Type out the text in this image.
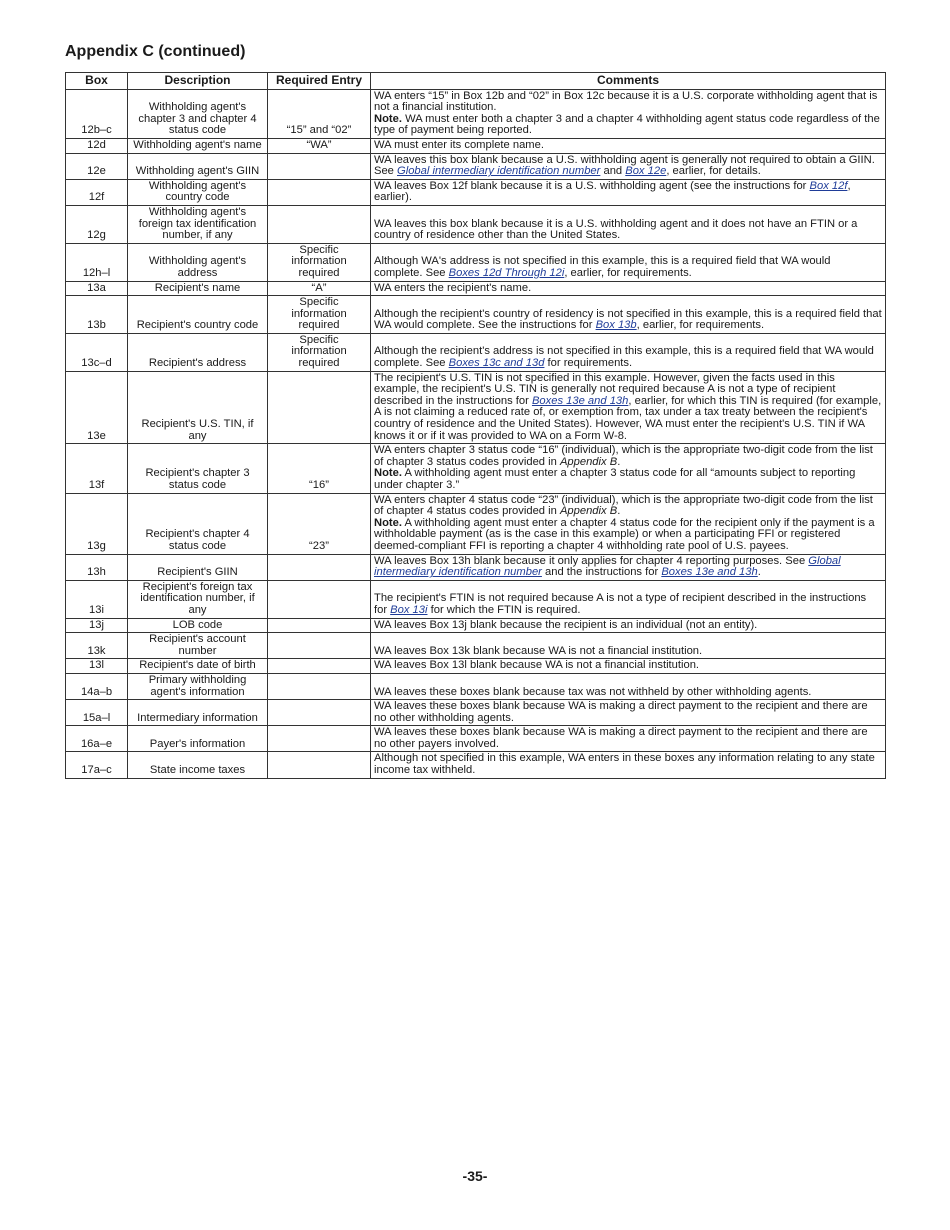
Appendix C (continued)
Box	Description	Required Entry	Comments
12b–c	Withholding agent's chapter 3 and chapter 4 status code	“15” and “02”	WA enters “15” in Box 12b and “02” in Box 12c because it is a U.S. corporate withholding agent that is not a financial institution.
Note. WA must enter both a chapter 3 and a chapter 4 withholding agent status code regardless of the type of payment being reported.
12d	Withholding agent's name	“WA”	WA must enter its complete name.
12e	Withholding agent's GIIN		WA leaves this box blank because a U.S. withholding agent is generally not required to obtain a GIIN. See Global intermediary identification number and Box 12e, earlier, for details.
12f	Withholding agent's country code		WA leaves Box 12f blank because it is a U.S. withholding agent (see the instructions for Box 12f, earlier).
12g	Withholding agent's foreign tax identification number, if any		WA leaves this box blank because it is a U.S. withholding agent and it does not have an FTIN or a country of residence other than the United States.
12h–l	Withholding agent's address	Specific information required	Although WA's address is not specified in this example, this is a required field that WA would complete. See Boxes 12d Through 12i, earlier, for requirements.
13a	Recipient's name	“A”	WA enters the recipient's name.
13b	Recipient's country code	Specific information required	Although the recipient's country of residency is not specified in this example, this is a required field that WA would complete. See the instructions for Box 13b, earlier, for requirements.
13c–d	Recipient's address	Specific information required	Although the recipient's address is not specified in this example, this is a required field that WA would complete. See Boxes 13c and 13d for requirements.
13e	Recipient's U.S. TIN, if any		The recipient's U.S. TIN is not specified in this example. However, given the facts used in this example, the recipient's U.S. TIN is generally not required because A is not a type of recipient described in the instructions for Boxes 13e and 13h, earlier, for which this TIN is required (for example, A is not claiming a reduced rate of, or exemption from, tax under a tax treaty between the recipient's country of residence and the United States). However, WA must enter the recipient's U.S. TIN if WA knows it or if it was provided to WA on a Form W-8.
13f	Recipient's chapter 3 status code	“16”	WA enters chapter 3 status code “16” (individual), which is the appropriate two-digit code from the list of chapter 3 status codes provided in Appendix B.
Note. A withholding agent must enter a chapter 3 status code for all “amounts subject to reporting under chapter 3.”
13g	Recipient's chapter 4 status code	“23”	WA enters chapter 4 status code “23” (individual), which is the appropriate two-digit code from the list of chapter 4 status codes provided in Appendix B.
Note. A withholding agent must enter a chapter 4 status code for the recipient only if the payment is a withholdable payment (as is the case in this example) or when a participating FFI or registered deemed-compliant FFI is reporting a chapter 4 withholding rate pool of U.S. payees.
13h	Recipient's GIIN		WA leaves Box 13h blank because it only applies for chapter 4 reporting purposes. See Global intermediary identification number and the instructions for Boxes 13e and 13h.
13i	Recipient's foreign tax identification number, if any		The recipient's FTIN is not required because A is not a type of recipient described in the instructions for Box 13i for which the FTIN is required.
13j	LOB code		WA leaves Box 13j blank because the recipient is an individual (not an entity).
13k	Recipient's account number		WA leaves Box 13k blank because WA is not a financial institution.
13l	Recipient's date of birth		WA leaves Box 13l blank because WA is not a financial institution.
14a–b	Primary withholding agent's information		WA leaves these boxes blank because tax was not withheld by other withholding agents.
15a–l	Intermediary information		WA leaves these boxes blank because WA is making a direct payment to the recipient and there are no other withholding agents.
16a–e	Payer's information		WA leaves these boxes blank because WA is making a direct payment to the recipient and there are no other payers involved.
17a–c	State income taxes		Although not specified in this example, WA enters in these boxes any information relating to any state income tax withheld.
-35-
